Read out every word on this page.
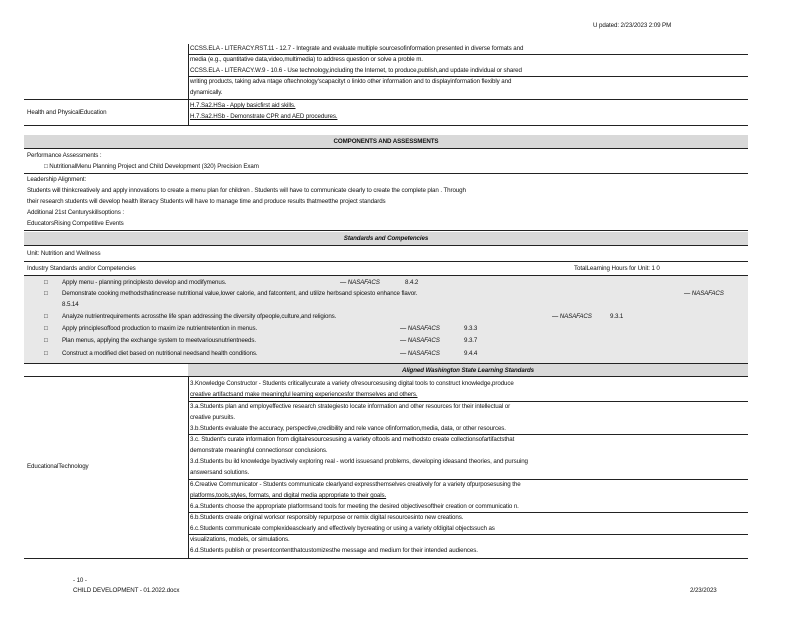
U pdated: 2/23/2023 2:09 PM
CCSS.ELA - LITERACY.RST.11 - 12.7 - Integrate and evaluate multiple sourcesofinformation presented in diverse formats and
media (e.g., quantitative data,video,multimedia) to address question or solve a proble m.
CCSS.ELA - LITERACY.W.9 - 10.6 - Use technology,including the Internet, to produce,publish,and update individual or shared
writing products, taking adva ntage oftechnology'scapacityt o linkto other information and to displayinformation flexibly and
dynamically.
Health and PhysicalEducation
H.7.Sa2.HSa - Apply basicfirst aid skills.
H.7.Sa2.HSb - Demonstrate CPR and AED procedures.
COMPONENTS AND ASSESSMENTS
Performance Assessments :
□ NutritionalMenu Planning Project and Child Development (320) Precision Exam
Leadership Alignment:
Students will thinkcreatively and apply innovations to create a menu plan for children . Students will have to communicate clearly to create the complete plan . Through
their research students will develop health literacy Students will have to manage time and produce results thatmeetthe project standards
Additional 21st Centuryskillsoptions :
EducatorsRising Competitive Events
Standards and Competencies
Unit: Nutrition and Wellness
Industry Standards and/or Competencies	TotalLearning Hours for Unit: 1 0
□ Apply menu - planning principlesto develop and modifymenus.	— NASAFACS	8.4.2
□ Demonstrate cooking methodsthatincrease nutritional value,lower calorie, and fatcontent, and utilize herbsand spicesto enhance flavor.	— NASAFACS
8.5.14
□ Analyze nutrientrequirements acrossthe life span addressing the diversity ofpeople,culture,and religions.	— NASAFACS	9.3.1
□ Apply principlesoffood production to maxim ize nutrientretention in menus.	— NASAFACS	9.3.3
□ Plan menus, applying the exchange system to meetvariousnutrientneeds.	— NASAFACS	9.3.7
□ Construct a modified diet based on nutritional needsand health conditions.	— NASAFACS	9.4.4
Aligned Washington State Learning Standards
EducationalTechnology
3.Knowledge Constructor - Students criticallycurate a variety ofresourcesusing digital tools to construct knowledge,produce
creative artifactsand make meaningful learning experiencesfor themselves and others.
3.a.Students plan and employeffective research strategiesto locate information and other resources for their intellectual or
creative pursuits.
3.b.Students evaluate the accuracy, perspective,credibility and rele vance ofinformation,media, data, or other resources.
3.c. Student's curate information from digitalresourcesusing a variety oftools and methodsto create collectionsofartifactsthat
demonstrate meaningful connectionsor conclusions.
3.d.Students bu ild knowledge byactively exploring real - world issuesand problems, developing ideasand theories, and pursuing
answersand solutions.
6.Creative Communicator - Students communicate clearlyand expressthemselves creatively for a variety ofpurposesusing the
platforms,tools,styles, formats, and digital media appropriate to their goals.
6.a.Students choose the appropriate platformsand tools for meeting the desired objectivesoftheir creation or communicatio n.
6.b.Students create original worksor responsibly repurpose or remix digital resourcesinto new creations.
6.c.Students communicate complexideasclearly and effectively bycreating or using a variety ofdigital objectssuch as
visualizations, models, or simulations.
6.d.Students publish or presentcontentthatcustomizesthe message and medium for their intended audiences.
- 10 -
CHILD DEVELOPMENT - 01.2022.docx	2/23/2023
